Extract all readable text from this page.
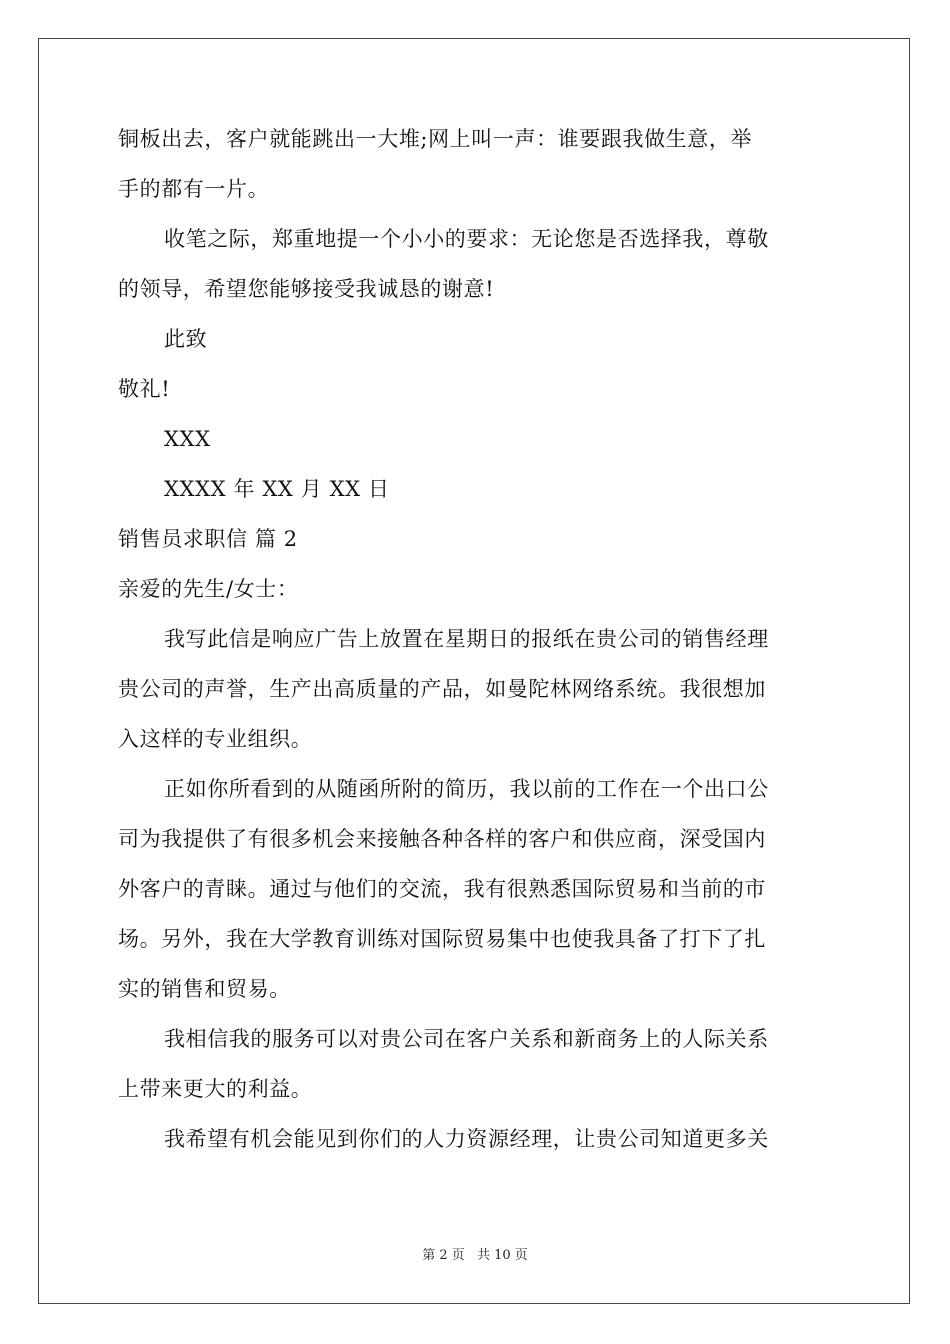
铜板出去，客户就能跳出一大堆;网上叫一声：谁要跟我做生意，举
手的都有一片。
收笔之际，郑重地提一个小小的要求：无论您是否选择我，尊敬
的领导，希望您能够接受我诚恳的谢意!
此致
敬礼!
XXX
XXXX 年 XX 月 XX 日
销售员求职信 篇 2
亲爱的先生/女士：
我写此信是响应广告上放置在星期日的报纸在贵公司的销售经理
贵公司的声誉，生产出高质量的产品，如曼陀林网络系统。我很想加
入这样的专业组织。
正如你所看到的从随函所附的简历，我以前的工作在一个出口公
司为我提供了有很多机会来接触各种各样的客户和供应商，深受国内
外客户的青睐。通过与他们的交流，我有很熟悉国际贸易和当前的市
场。另外，我在大学教育训练对国际贸易集中也使我具备了打下了扎
实的销售和贸易。
我相信我的服务可以对贵公司在客户关系和新商务上的人际关系
上带来更大的利益。
我希望有机会能见到你们的人力资源经理，让贵公司知道更多关
第 2 页 共 10 页
